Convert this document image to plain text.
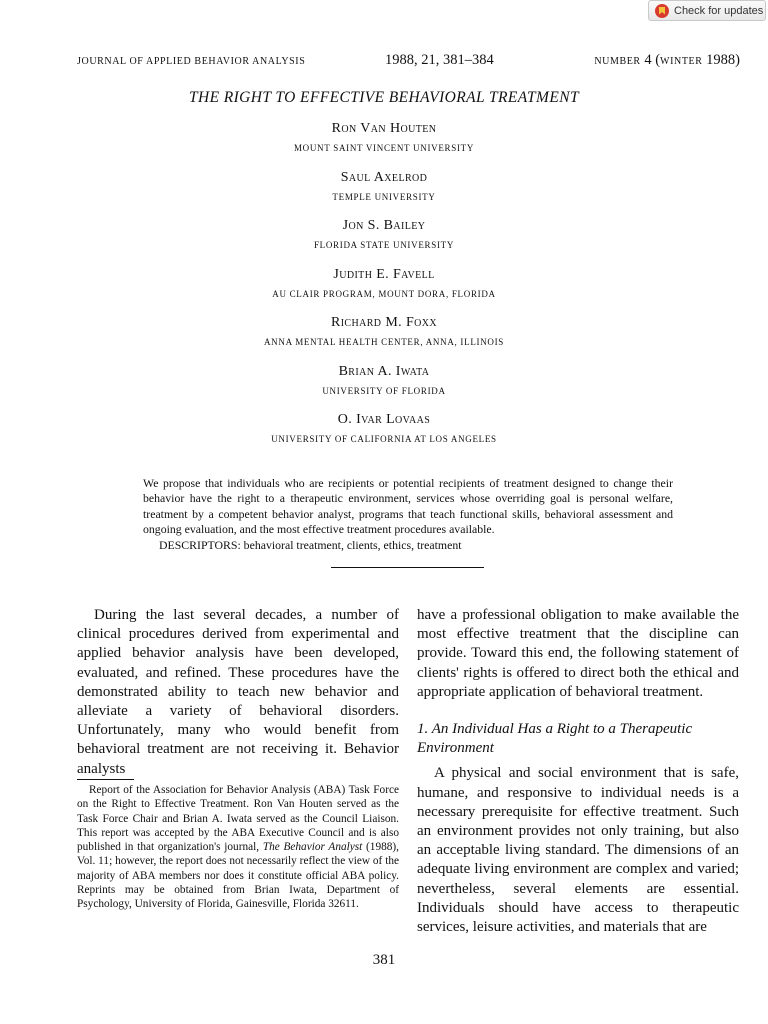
Check for updates
JOURNAL OF APPLIED BEHAVIOR ANALYSIS	1988, 21, 381–384	NUMBER 4 (WINTER 1988)
THE RIGHT TO EFFECTIVE BEHAVIORAL TREATMENT
Ron Van Houten
MOUNT SAINT VINCENT UNIVERSITY
Saul Axelrod
TEMPLE UNIVERSITY
Jon S. Bailey
FLORIDA STATE UNIVERSITY
Judith E. Favell
AU CLAIR PROGRAM, MOUNT DORA, FLORIDA
Richard M. Foxx
ANNA MENTAL HEALTH CENTER, ANNA, ILLINOIS
Brian A. Iwata
UNIVERSITY OF FLORIDA
O. Ivar Lovaas
UNIVERSITY OF CALIFORNIA AT LOS ANGELES
We propose that individuals who are recipients or potential recipients of treatment designed to change their behavior have the right to a therapeutic environment, services whose overriding goal is personal welfare, treatment by a competent behavior analyst, programs that teach functional skills, behavioral assessment and ongoing evaluation, and the most effective treatment procedures available.
DESCRIPTORS: behavioral treatment, clients, ethics, treatment

During the last several decades, a number of clinical procedures derived from experimental and applied behavior analysis have been developed, evaluated, and refined. These procedures have the demonstrated ability to teach new behavior and alleviate a variety of behavioral disorders. Unfortunately, many who would benefit from behavioral treatment are not receiving it. Behavior analysts

have a professional obligation to make available the most effective treatment that the discipline can provide. Toward this end, the following statement of clients' rights is offered to direct both the ethical and appropriate application of behavioral treatment.

1. An Individual Has a Right to a Therapeutic Environment

A physical and social environment that is safe, humane, and responsive to individual needs is a necessary prerequisite for effective treatment. Such an environment provides not only training, but also an acceptable living standard. The dimensions of an adequate living environment are complex and varied; nevertheless, several elements are essential. Individuals should have access to therapeutic services, leisure activities, and materials that are

Report of the Association for Behavior Analysis (ABA) Task Force on the Right to Effective Treatment. Ron Van Houten served as the Task Force Chair and Brian A. Iwata served as the Council Liaison. This report was accepted by the ABA Executive Council and is also published in that organization's journal, The Behavior Analyst (1988), Vol. 11; however, the report does not necessarily reflect the view of the majority of ABA members nor does it constitute official ABA policy. Reprints may be obtained from Brian Iwata, Department of Psychology, University of Florida, Gainesville, Florida 32611.
381
